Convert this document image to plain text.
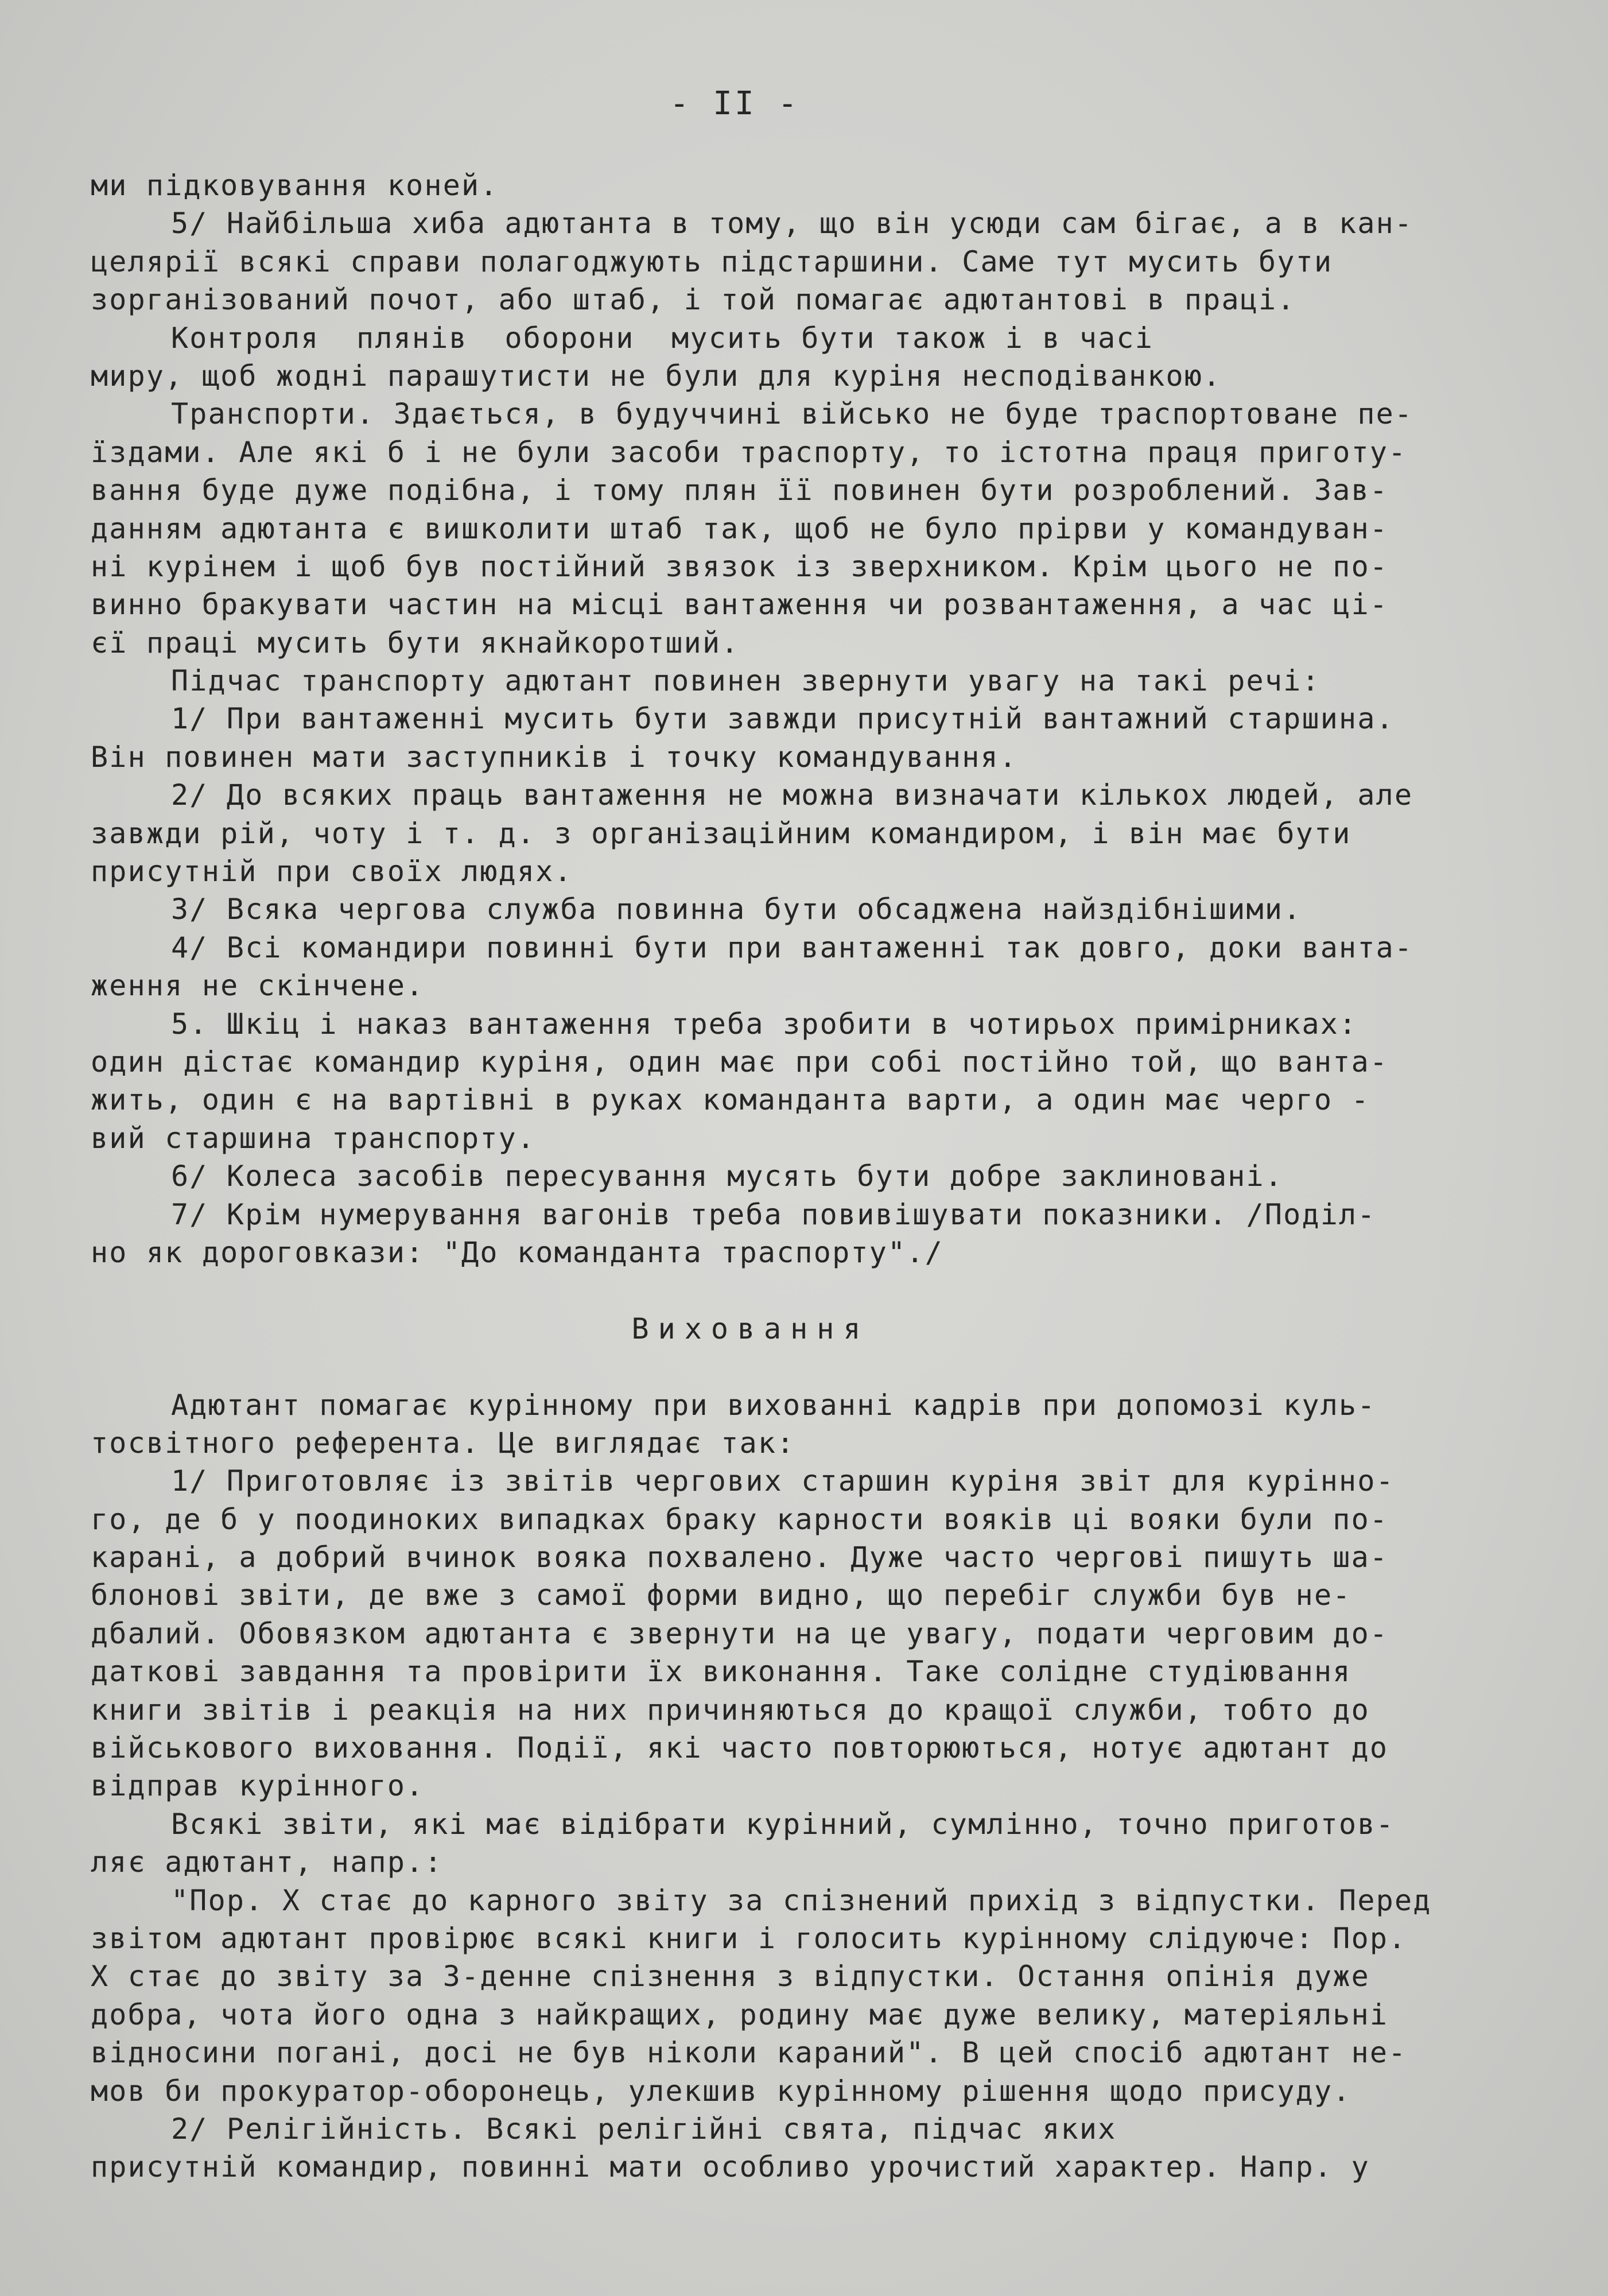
- II -
ми підковування коней.
5/ Найбільша хиба адютанта в тому, що він усюди сам бігає, а в кан-
целярії всякі справи полагоджують підстаршини. Саме тут мусить бути
зорганізований почот, або штаб, і той помагає адютантові в праці.
Контроля  плянів  оборони  мусить бути також і в часі
миру, щоб жодні парашутисти не були для куріня несподіванкою.
Транспорти. Здається, в будуччині військо не буде траспортоване пе-
їздами. Але які б і не були засоби траспорту, то істотна праця приготу-
вання буде дуже подібна, і тому плян її повинен бути розроблений. Зав-
данням адютанта є вишколити штаб так, щоб не було прірви у командуван-
ні курінем і щоб був постійний звязок із зверхником. Крім цього не по-
винно бракувати частин на місці вантаження чи розвантаження, а час ці-
єї праці мусить бути якнайкоротший.
Підчас транспорту адютант повинен звернути увагу на такі речі:
1/ При вантаженні мусить бути завжди присутній вантажний старшина.
Він повинен мати заступників і точку командування.
2/ До всяких праць вантаження не можна визначати кількох людей, але
завжди рій, чоту і т. д. з організаційним командиром, і він має бути
присутній при своїх людях.
3/ Всяка чергова служба повинна бути обсаджена найздібнішими.
4/ Всі командири повинні бути при вантаженні так довго, доки ванта-
ження не скінчене.
5. Шкіц і наказ вантаження треба зробити в чотирьох примірниках:
один дістає командир куріня, один має при собі постійно той, що ванта-
жить, один є на вартівні в руках команданта варти, а один має черго -
вий старшина транспорту.
6/ Колеса засобів пересування мусять бути добре заклиновані.
7/ Крім нумерування вагонів треба повивішувати показники. /Поділ-
но як дороговкази: "До команданта траспорту"./

Виховання

Адютант помагає курінному при вихованні кадрів при допомозі куль-
тосвітного референта. Це виглядає так:
1/ Приготовляє із звітів чергових старшин куріня звіт для курінно-
го, де б у поодиноких випадках браку карности вояків ці вояки були по-
карані, а добрий вчинок вояка похвалено. Дуже часто чергові пишуть ша-
блонові звіти, де вже з самої форми видно, що перебіг служби був не-
дбалий. Обовязком адютанта є звернути на це увагу, подати черговим до-
даткові завдання та провірити їх виконання. Таке солідне студіювання
книги звітів і реакція на них причиняються до кращої служби, тобто до
військового виховання. Події, які часто повторюються, нотує адютант до
відправ курінного.
Всякі звіти, які має відібрати курінний, сумлінно, точно приготов-
ляє адютант, напр.:
"Пор. Х стає до карного звіту за спізнений прихід з відпустки. Перед
звітом адютант провірює всякі книги і голосить курінному слідуюче: Пор.
Х стає до звіту за 3-денне спізнення з відпустки. Остання опінія дуже
добра, чота його одна з найкращих, родину має дуже велику, матеріяльні
відносини погані, досі не був ніколи караний". В цей спосіб адютант не-
мов би прокуратор-оборонець, улекшив курінному рішення щодо присуду.
2/ Релігійність. Всякі релігійні свята, підчас яких
присутній командир, повинні мати особливо урочистий характер. Напр. у
